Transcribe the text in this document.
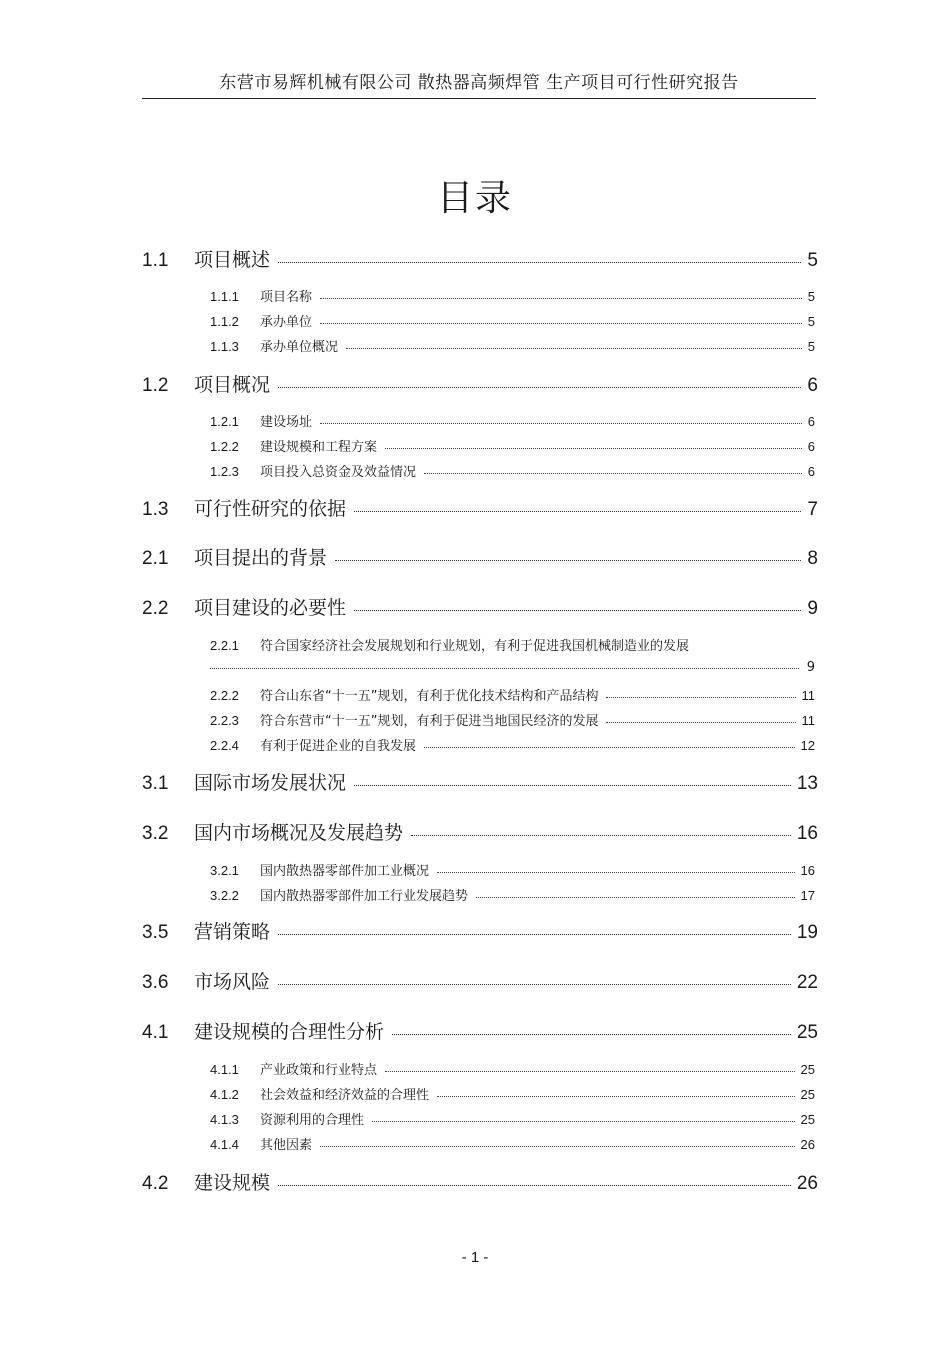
东营市易辉机械有限公司 散热器高频焊管 生产项目可行性研究报告
目录
1.1	项目概述	5
1.1.1	项目名称	5
1.1.2	承办单位	5
1.1.3	承办单位概况	5
1.2	项目概况	6
1.2.1	建设场址	6
1.2.2	建设规模和工程方案	6
1.2.3	项目投入总资金及效益情况	6
1.3	可行性研究的依据	7
2.1	项目提出的背景	8
2.2	项目建设的必要性	9
2.2.1	符合国家经济社会发展规划和行业规划，有利于促进我国机械制造业的发展
9
2.2.2	符合山东省“十一五”规划，有利于优化技术结构和产品结构	11
2.2.3	符合东营市“十一五”规划，有利于促进当地国民经济的发展	11
2.2.4	有利于促进企业的自我发展	12
3.1	国际市场发展状况	13
3.2	国内市场概况及发展趋势	16
3.2.1	国内散热器零部件加工业概况	16
3.2.2	国内散热器零部件加工行业发展趋势	17
3.5	营销策略	19
3.6	市场风险	22
4.1	建设规模的合理性分析	25
4.1.1	产业政策和行业特点	25
4.1.2	社会效益和经济效益的合理性	25
4.1.3	资源利用的合理性	25
4.1.4	其他因素	26
4.2	建设规模	26
- 1 -
